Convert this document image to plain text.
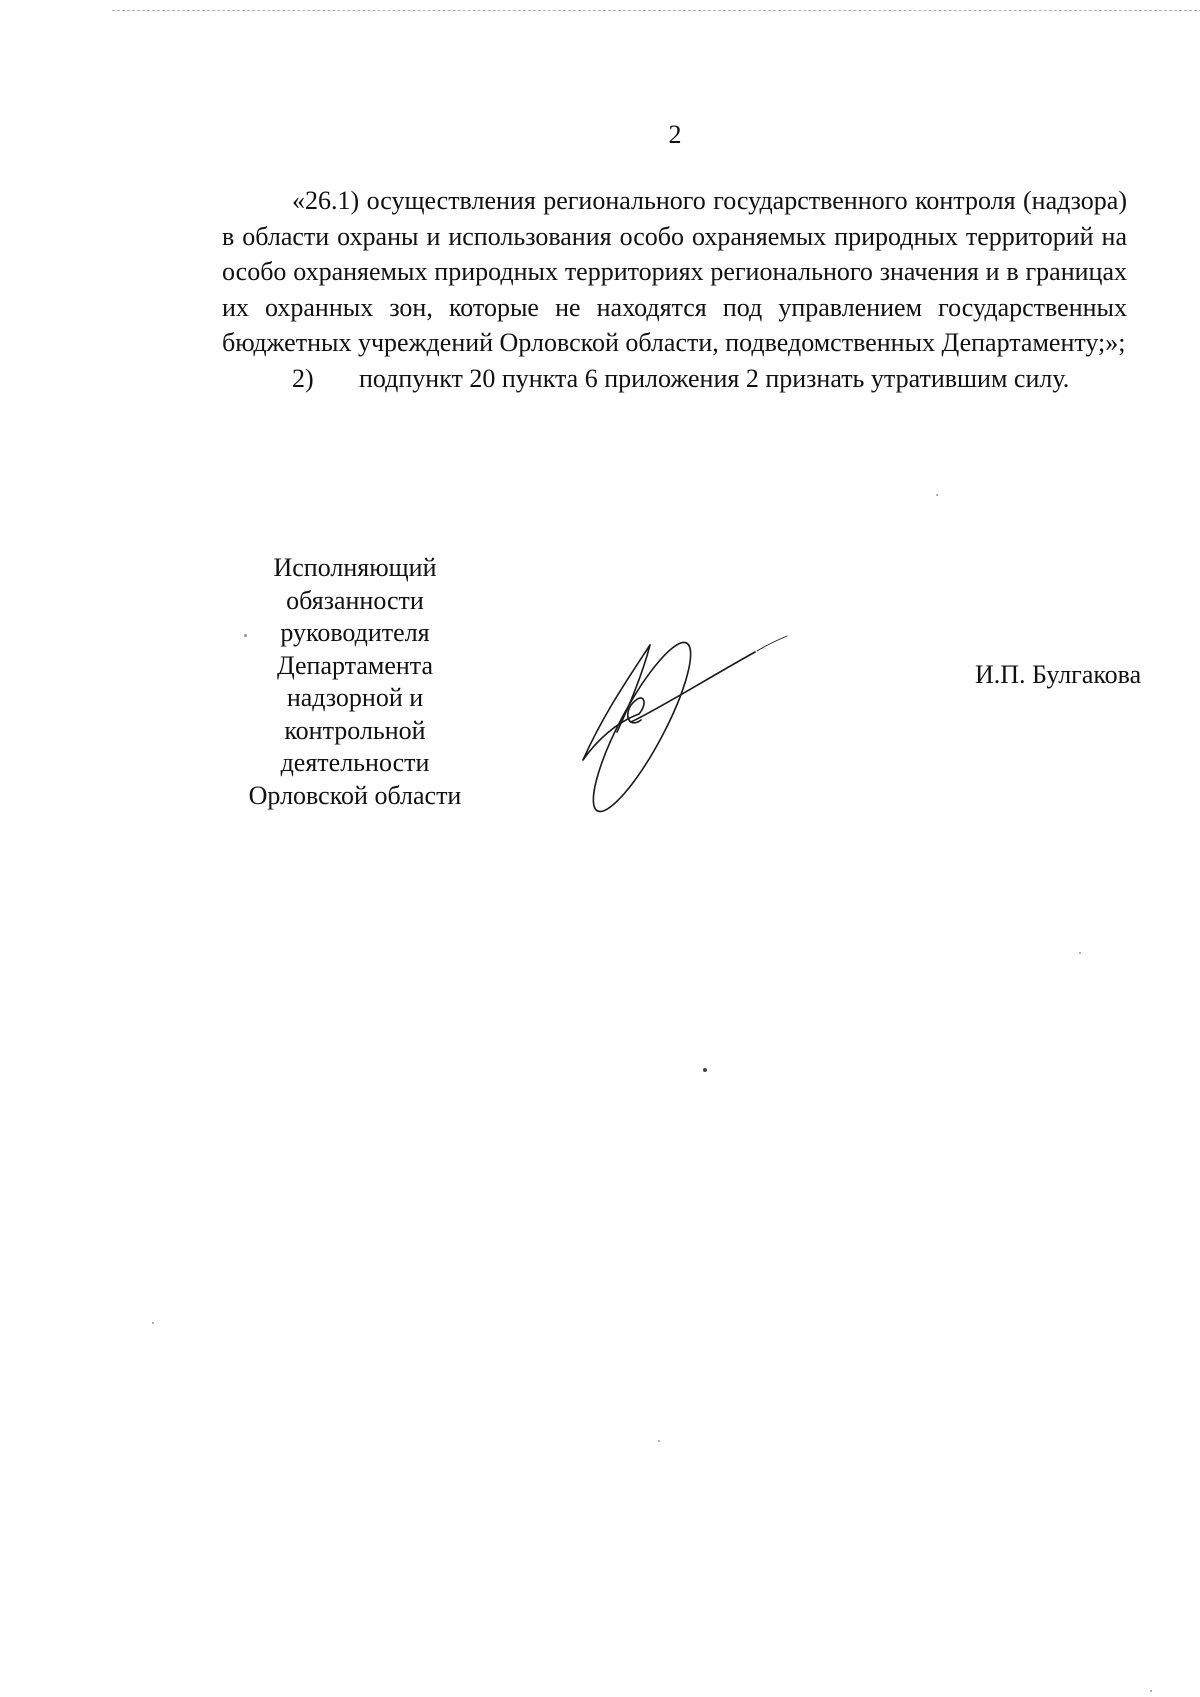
2

«26.1) осуществления регионального государственного контроля (надзора) в области охраны и использования особо охраняемых природных территорий на особо охраняемых природных территориях регионального значения и в границах их охранных зон, которые не находятся под управлением государственных бюджетных учреждений Орловской области, подведомственных Департаменту;»;

2) подпункт 20 пункта 6 приложения 2 признать утратившим силу.

Исполняющий
обязанности
руководителя
Департамента
надзорной и
контрольной
деятельности
Орловской области
И.П. Булгакова
